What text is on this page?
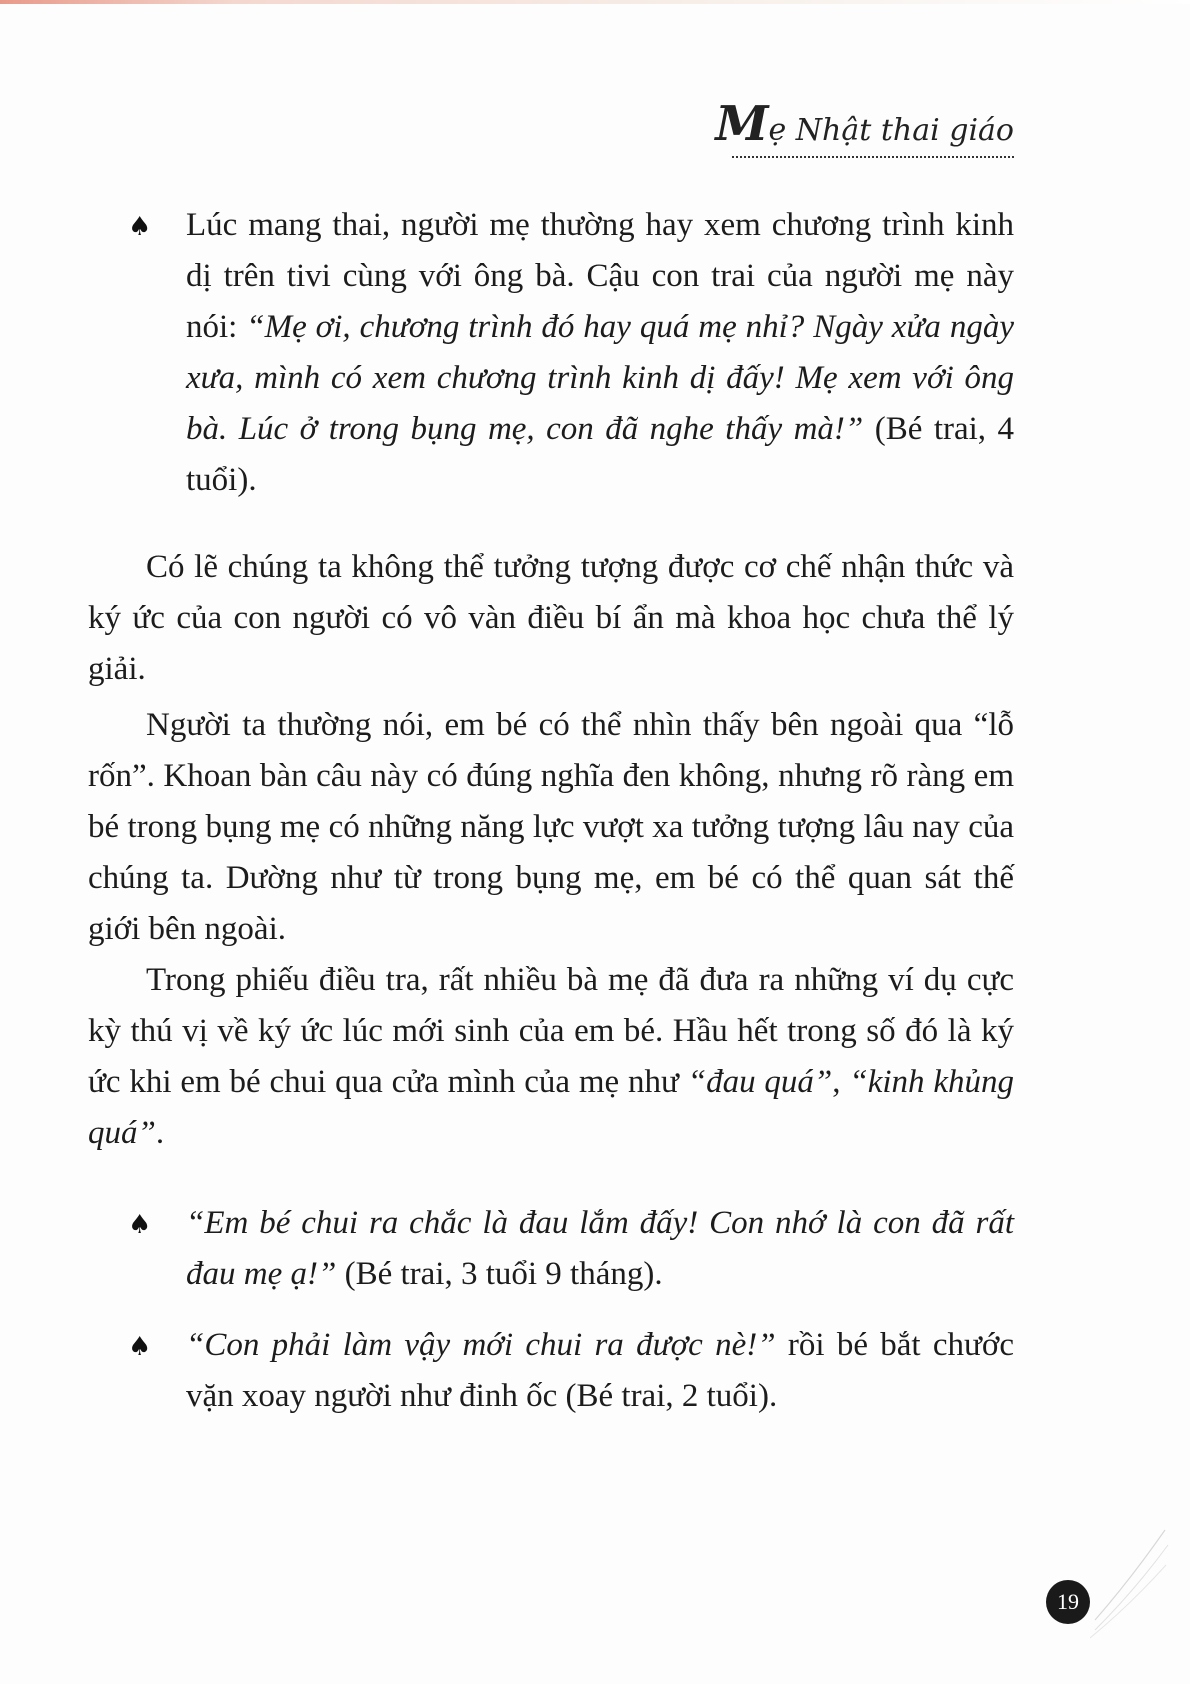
Mẹ Nhật thai giáo
♠ Lúc mang thai, người mẹ thường hay xem chương trình kinh dị trên tivi cùng với ông bà. Cậu con trai của người mẹ này nói: “Mẹ ơi, chương trình đó hay quá mẹ nhỉ? Ngày xửa ngày xưa, mình có xem chương trình kinh dị đấy! Mẹ xem với ông bà. Lúc ở trong bụng mẹ, con đã nghe thấy mà!” (Bé trai, 4 tuổi).

Có lẽ chúng ta không thể tưởng tượng được cơ chế nhận thức và ký ức của con người có vô vàn điều bí ẩn mà khoa học chưa thể lý giải.

Người ta thường nói, em bé có thể nhìn thấy bên ngoài qua “lỗ rốn”. Khoan bàn câu này có đúng nghĩa đen không, nhưng rõ ràng em bé trong bụng mẹ có những năng lực vượt xa tưởng tượng lâu nay của chúng ta. Dường như từ trong bụng mẹ, em bé có thể quan sát thế giới bên ngoài.

Trong phiếu điều tra, rất nhiều bà mẹ đã đưa ra những ví dụ cực kỳ thú vị về ký ức lúc mới sinh của em bé. Hầu hết trong số đó là ký ức khi em bé chui qua cửa mình của mẹ như “đau quá”, “kinh khủng quá”.

♠ “Em bé chui ra chắc là đau lắm đấy! Con nhớ là con đã rất đau mẹ ạ!” (Bé trai, 3 tuổi 9 tháng).
♠ “Con phải làm vậy mới chui ra được nè!” rồi bé bắt chước vặn xoay người như đinh ốc (Bé trai, 2 tuổi).
19
